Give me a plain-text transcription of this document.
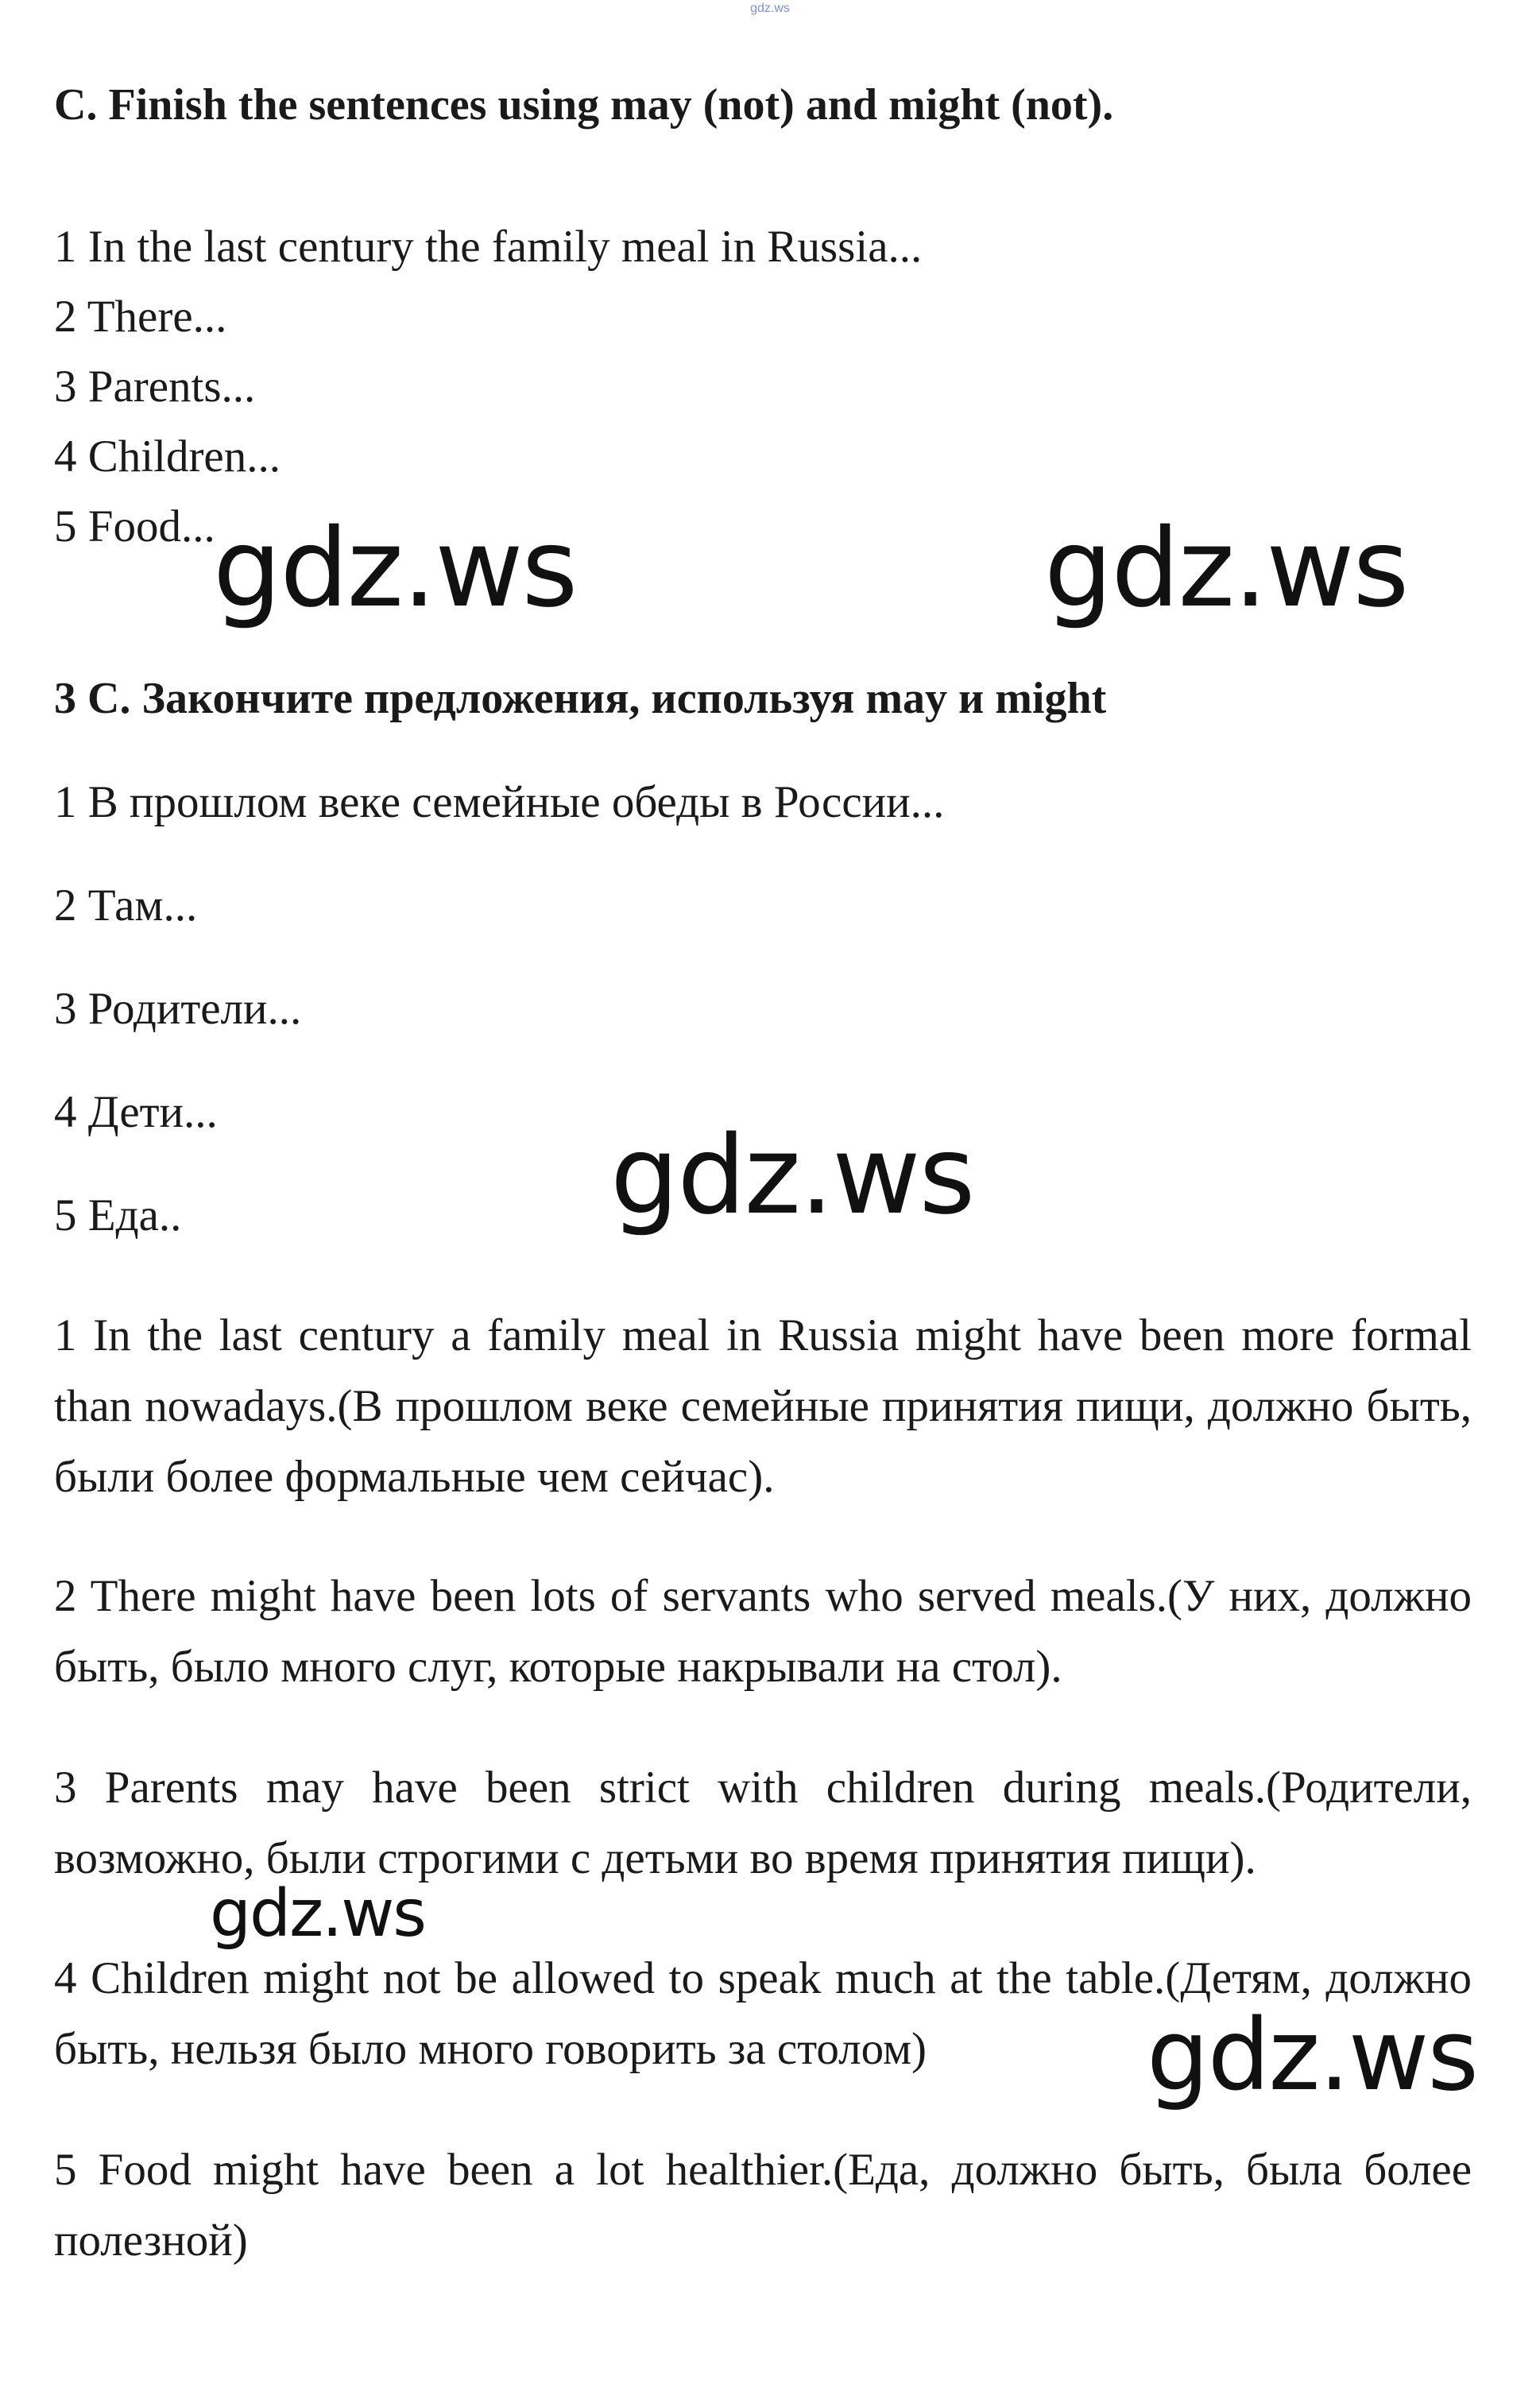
gdz.ws
C. Finish the sentences using may (not) and might (not).
1 In the last century the family meal in Russia...
2 There...
3 Parents...
4 Children...
5 Food...
3 C. Закончите предложения, используя may и might
1 В прошлом веке семейные обеды в России...
2 Там...
3 Родители...
4 Дети...
5 Еда..
1 In the last century a family meal in Russia might have been more formal than nowadays.(В прошлом веке семейные принятия пищи, должно быть, были более формальные чем сейчас).
2 There might have been lots of servants who served meals.(У них, должно быть, было много слуг, которые накрывали на стол).
3 Parents may have been strict with children during meals.(Родители, возможно, были строгими с детьми во время принятия пищи).
4 Children might not be allowed to speak much at the table.(Детям, должно быть, нельзя было много говорить за столом)
5 Food might have been a lot healthier.(Еда, должно быть, была более полезной)
gdz.ws	gdz.ws
gdz.ws
gdz.ws
gdz.ws
